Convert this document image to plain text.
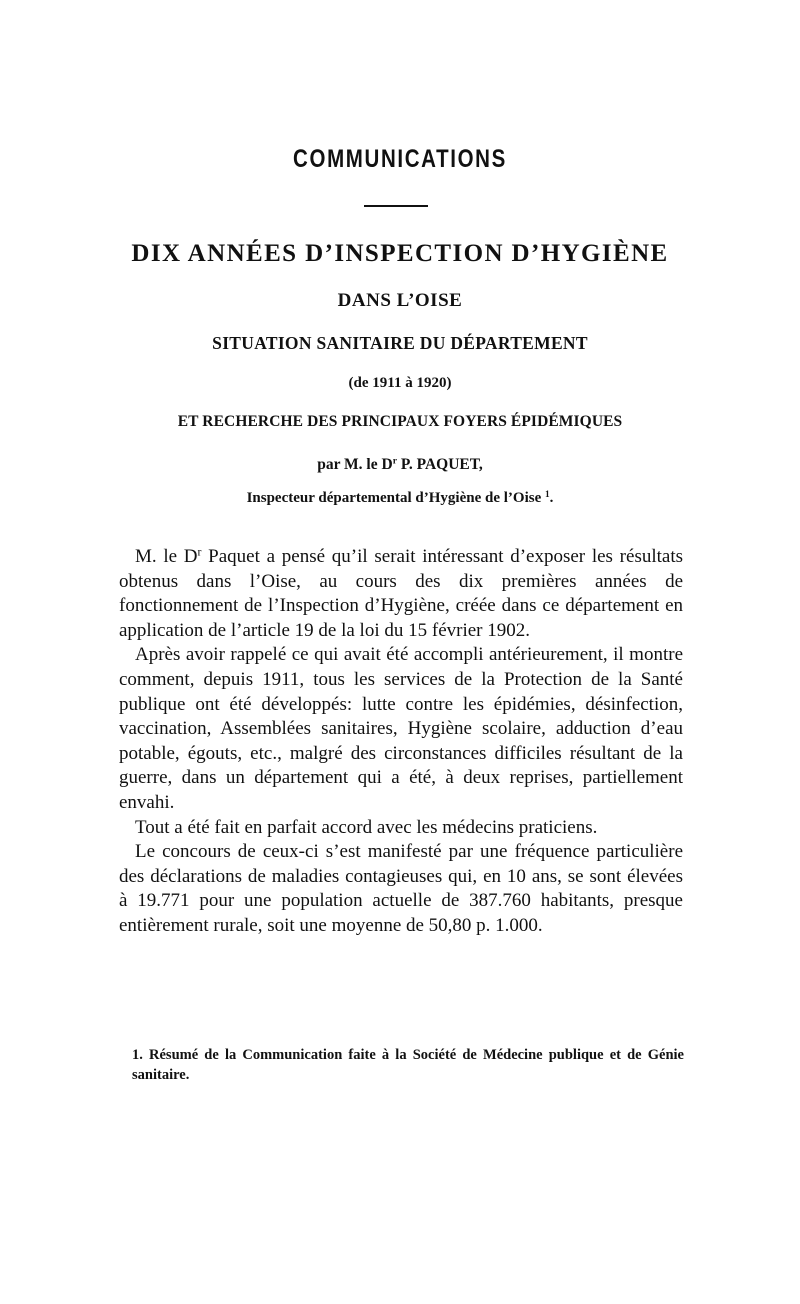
COMMUNICATIONS
DIX ANNÉES D’INSPECTION D’HYGIÈNE
DANS L’OISE
SITUATION SANITAIRE DU DÉPARTEMENT
(de 1911 à 1920)
ET RECHERCHE DES PRINCIPAUX FOYERS ÉPIDÉMIQUES
par M. le $D^r$ P. PAQUET,
Inspecteur départemental d’Hygiène de l’Oise $^1$.

M. le $D^r$ Paquet a pensé qu’il serait intéressant d’exposer les résultats obtenus dans l’Oise, au cours des dix premières années de fonctionnement de l’Inspection d’Hygiène, créée dans ce département en application de l’article 19 de la loi du 15 février 1902.

Après avoir rappelé ce qui avait été accompli antérieurement, il montre comment, depuis 1911, tous les services de la Protection de la Santé publique ont été développés: lutte contre les épidémies, désinfection, vaccination, Assemblées sanitaires, Hygiène scolaire, adduction d’eau potable, égouts, etc., malgré des circonstances difficiles résultant de la guerre, dans un département qui a été, à deux reprises, partiellement envahi.

Tout a été fait en parfait accord avec les médecins praticiens.

Le concours de ceux-ci s’est manifesté par une fréquence particulière des déclarations de maladies contagieuses qui, en 10 ans, se sont élevées à 19.771 pour une population actuelle de 387.760 habitants, presque entièrement rurale, soit une moyenne de 50,80 p. 1.000.

1. Résumé de la Communication faite à la Société de Médecine publique et de Génie sanitaire.
